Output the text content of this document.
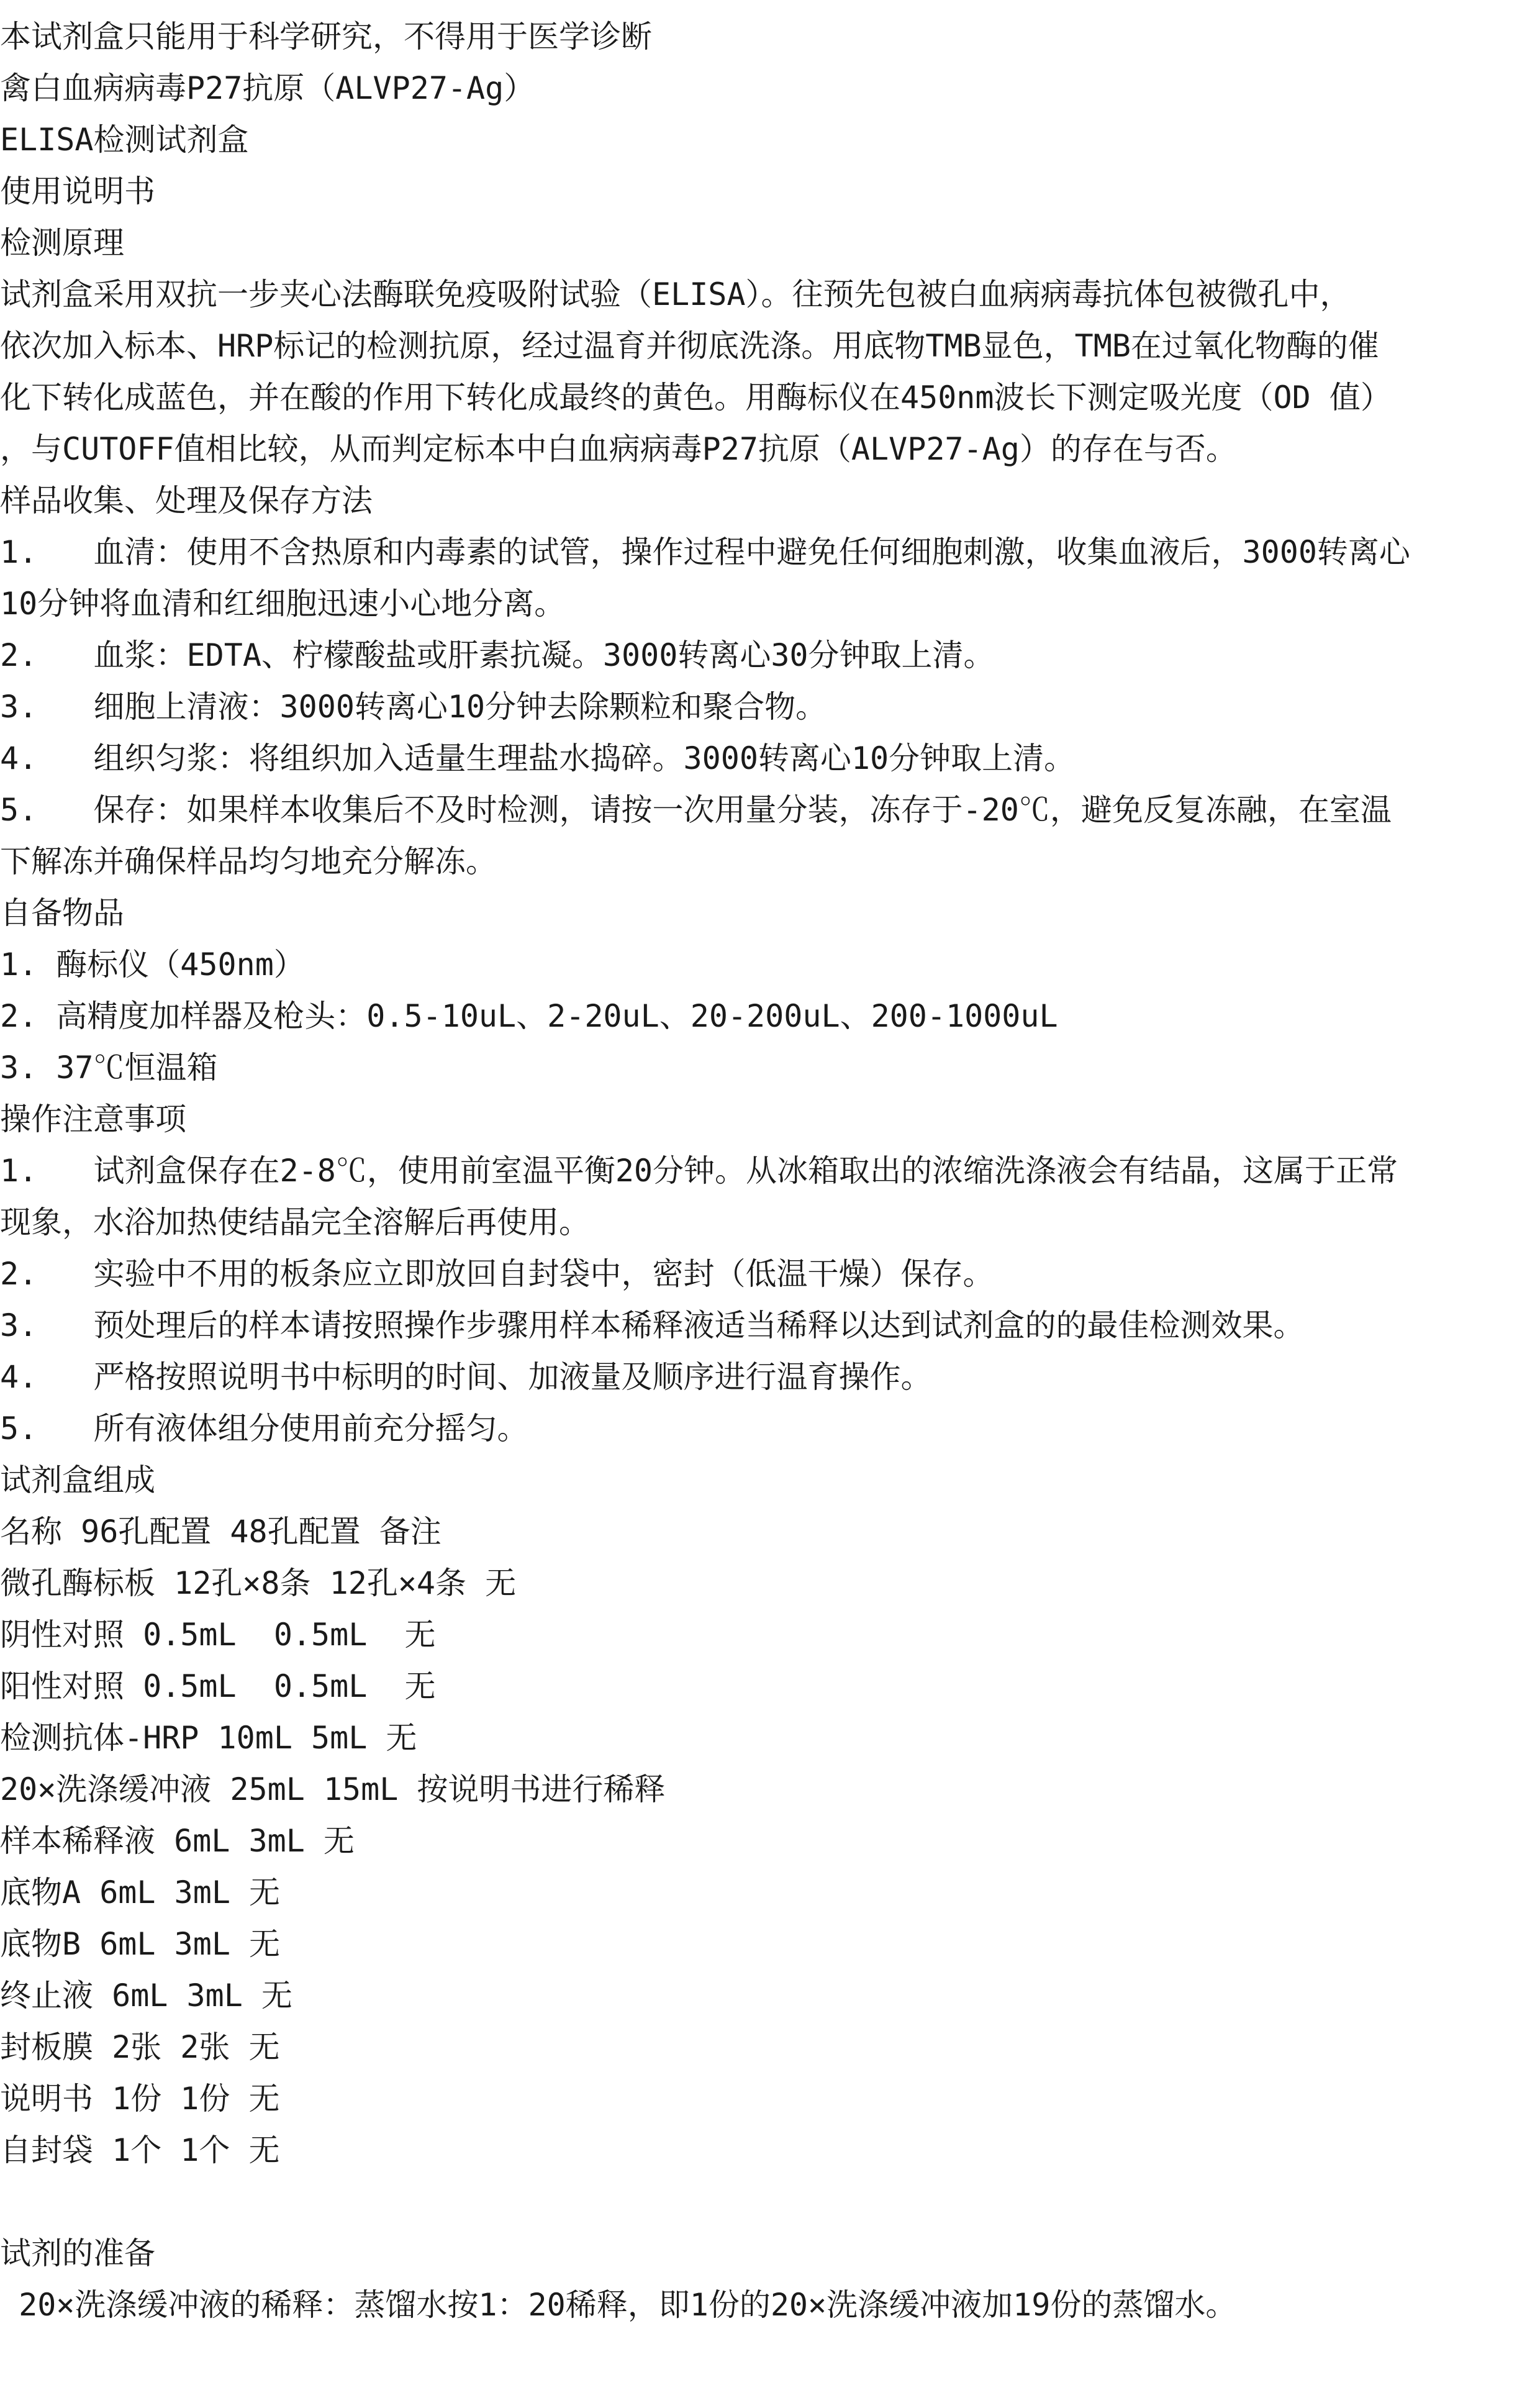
本试剂盒只能用于科学研究，不得用于医学诊断
禽白血病病毒P27抗原（ALVP27-Ag）
ELISA检测试剂盒
使用说明书
检测原理
试剂盒采用双抗一步夹心法酶联免疫吸附试验（ELISA）。往预先包被白血病病毒抗体包被微孔中，
依次加入标本、HRP标记的检测抗原，经过温育并彻底洗涤。用底物TMB显色，TMB在过氧化物酶的催
化下转化成蓝色，并在酸的作用下转化成最终的黄色。用酶标仪在450nm波长下测定吸光度（OD 值）
，与CUTOFF值相比较，从而判定标本中白血病病毒P27抗原（ALVP27-Ag）的存在与否。
样品收集、处理及保存方法
1.   血清：使用不含热原和内毒素的试管，操作过程中避免任何细胞刺激，收集血液后，3000转离心
10分钟将血清和红细胞迅速小心地分离。
2.   血浆：EDTA、柠檬酸盐或肝素抗凝。3000转离心30分钟取上清。
3.   细胞上清液：3000转离心10分钟去除颗粒和聚合物。
4.   组织匀浆：将组织加入适量生理盐水捣碎。3000转离心10分钟取上清。
5.   保存：如果样本收集后不及时检测，请按一次用量分装，冻存于-20℃，避免反复冻融，在室温
下解冻并确保样品均匀地充分解冻。
自备物品
1. 酶标仪（450nm）
2. 高精度加样器及枪头：0.5-10uL、2-20uL、20-200uL、200-1000uL
3. 37℃恒温箱
操作注意事项
1.   试剂盒保存在2-8℃，使用前室温平衡20分钟。从冰箱取出的浓缩洗涤液会有结晶，这属于正常
现象，水浴加热使结晶完全溶解后再使用。
2.   实验中不用的板条应立即放回自封袋中，密封（低温干燥）保存。
3.   预处理后的样本请按照操作步骤用样本稀释液适当稀释以达到试剂盒的的最佳检测效果。
4.   严格按照说明书中标明的时间、加液量及顺序进行温育操作。
5.   所有液体组分使用前充分摇匀。
试剂盒组成
名称 96孔配置 48孔配置 备注
微孔酶标板 12孔×8条 12孔×4条 无
阴性对照 0.5mL  0.5mL  无
阳性对照 0.5mL  0.5mL  无
检测抗体-HRP 10mL 5mL 无
20×洗涤缓冲液 25mL 15mL 按说明书进行稀释
样本稀释液 6mL 3mL 无
底物A 6mL 3mL 无
底物B 6mL 3mL 无
终止液 6mL 3mL 无
封板膜 2张 2张 无
说明书 1份 1份 无
自封袋 1个 1个 无
试剂的准备
20×洗涤缓冲液的稀释：蒸馏水按1：20稀释，即1份的20×洗涤缓冲液加19份的蒸馏水。
